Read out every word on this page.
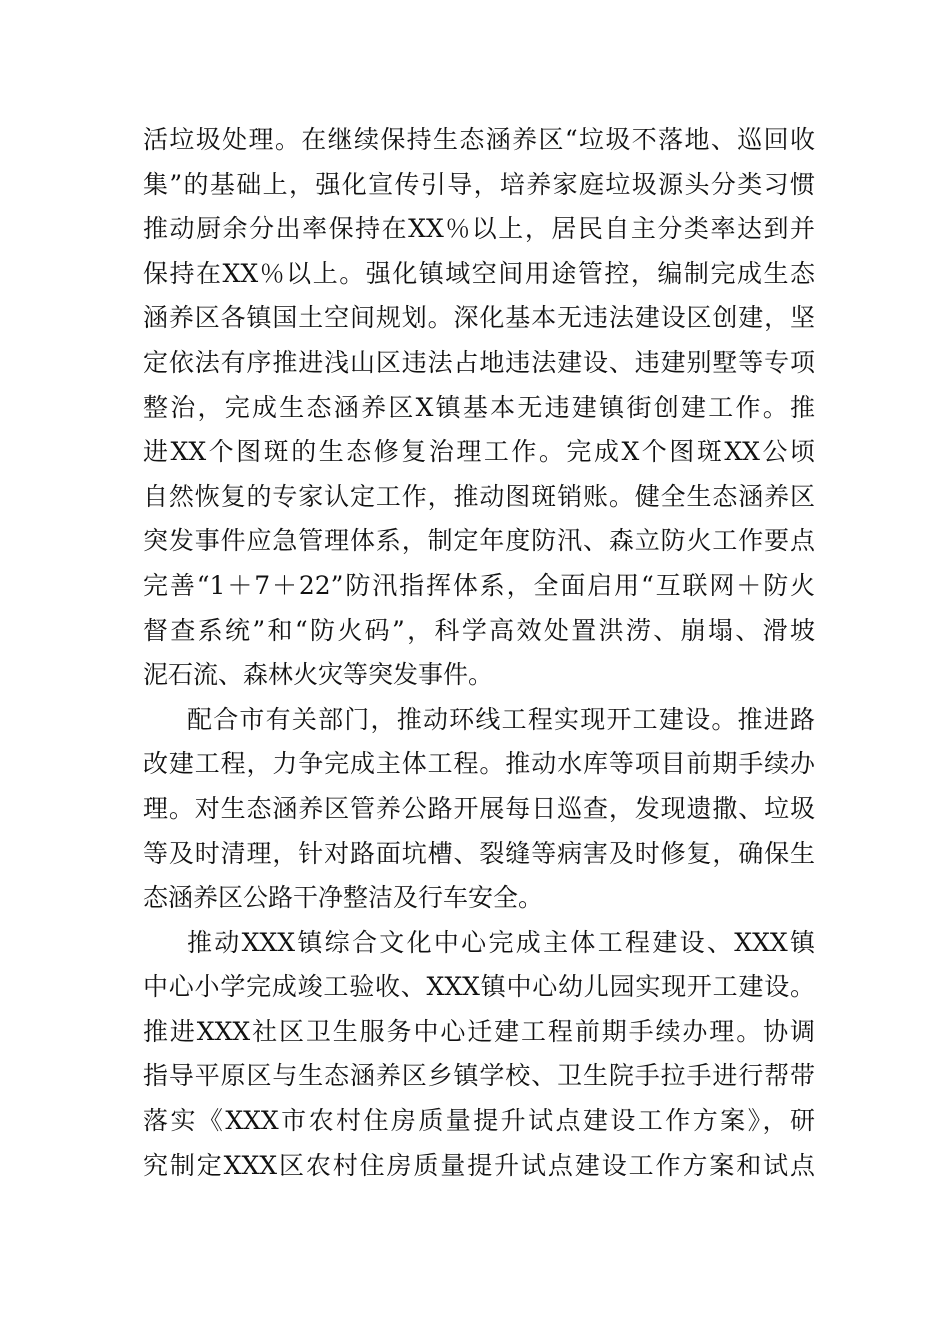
活垃圾处理。在继续保持生态涵养区“垃圾不落地、巡回收
集”的基础上，强化宣传引导，培养家庭垃圾源头分类习惯
推动厨余分出率保持在XX％以上，居民自主分类率达到并
保持在XX％以上。强化镇域空间用途管控，编制完成生态
涵养区各镇国土空间规划。深化基本无违法建设区创建，坚
定依法有序推进浅山区违法占地违法建设、违建别墅等专项
整治，完成生态涵养区X镇基本无违建镇街创建工作。推
进XX个图斑的生态修复治理工作。完成X个图斑XX公顷
自然恢复的专家认定工作，推动图斑销账。健全生态涵养区
突发事件应急管理体系，制定年度防汛、森立防火工作要点
完善“1＋7＋22”防汛指挥体系，全面启用“互联网＋防火
督查系统”和“防火码”，科学高效处置洪涝、崩塌、滑坡
泥石流、森林火灾等突发事件。
配合市有关部门，推动环线工程实现开工建设。推进路
改建工程，力争完成主体工程。推动水库等项目前期手续办
理。对生态涵养区管养公路开展每日巡查，发现遗撒、垃圾
等及时清理，针对路面坑槽、裂缝等病害及时修复，确保生
态涵养区公路干净整洁及行车安全。
推动XXX镇综合文化中心完成主体工程建设、XXX镇
中心小学完成竣工验收、XXX镇中心幼儿园实现开工建设。
推进XXX社区卫生服务中心迁建工程前期手续办理。协调
指导平原区与生态涵养区乡镇学校、卫生院手拉手进行帮带
落实《XXX市农村住房质量提升试点建设工作方案》，研
究制定XXX区农村住房质量提升试点建设工作方案和试点
